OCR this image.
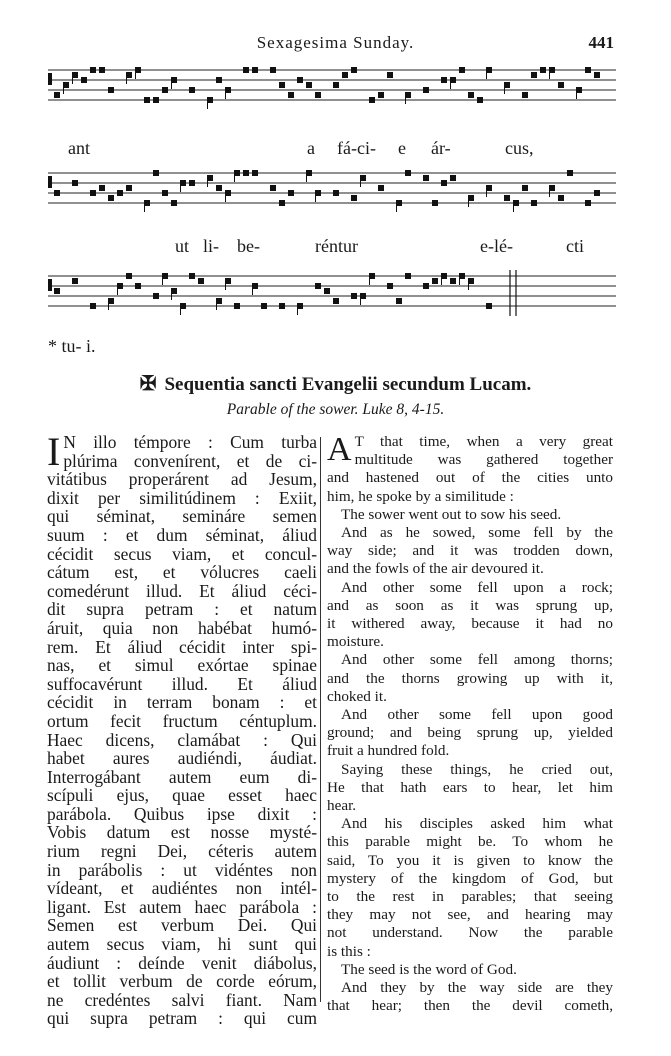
Sexagesima Sunday.	441
ant	a fá-ci- e ár-	cus,
ut li- be-	réntur	e-lé-	cti
* tu- i.
✠ Sequentia sancti Evangelii secundum Lucam.
Parable of the sower. Luke 8, 4-15.
I N illo témpore : Cum turba
plúrima convenírent, et de ci-
vitátibus properárent ad Jesum,
dixit per similitúdinem : Exiit,
qui séminat, semináre semen
suum : et dum séminat, áliud
cécidit secus viam, et concul-
cátum est, et vólucres caeli
comedérunt illud. Et áliud céci-
dit supra petram : et natum
áruit, quia non habébat humó-
rem. Et áliud cécidit inter spi-
nas, et simul exórtae spinae
suffocavérunt illud. Et áliud
cécidit in terram bonam : et
ortum fecit fructum céntuplum.
Haec dicens, clamábat : Qui
habet aures audiéndi, áudiat.
Interrogábant autem eum di-
scípuli ejus, quae esset haec
parábola. Quibus ipse dixit :
Vobis datum est nosse mysté-
rium regni Dei, céteris autem
in parábolis : ut vidéntes non
vídeant, et audiéntes non intél-
ligant. Est autem haec parábola :
Semen est verbum Dei. Qui
autem secus viam, hi sunt qui
áudiunt : deínde venit diábolus,
et tollit verbum de corde eórum,
ne credéntes salvi fiant. Nam
qui supra petram : qui cum
A T that time, when a very great
multitude was gathered together
and hastened out of the cities unto
him, he spoke by a similitude :
The sower went out to sow his seed.
And as he sowed, some fell by the
way side; and it was trodden down,
and the fowls of the air devoured it.
And other some fell upon a rock;
and as soon as it was sprung up,
it withered away, because it had no
moisture.
And other some fell among thorns;
and the thorns growing up with it,
choked it.
And other some fell upon good
ground; and being sprung up, yielded
fruit a hundred fold.
Saying these things, he cried out,
He that hath ears to hear, let him
hear.
And his disciples asked him what
this parable might be. To whom he
said, To you it is given to know the
mystery of the kingdom of God, but
to the rest in parables; that seeing
they may not see, and hearing may
not understand. Now the parable
is this :
The seed is the word of God.
And they by the way side are they
that hear; then the devil cometh,
